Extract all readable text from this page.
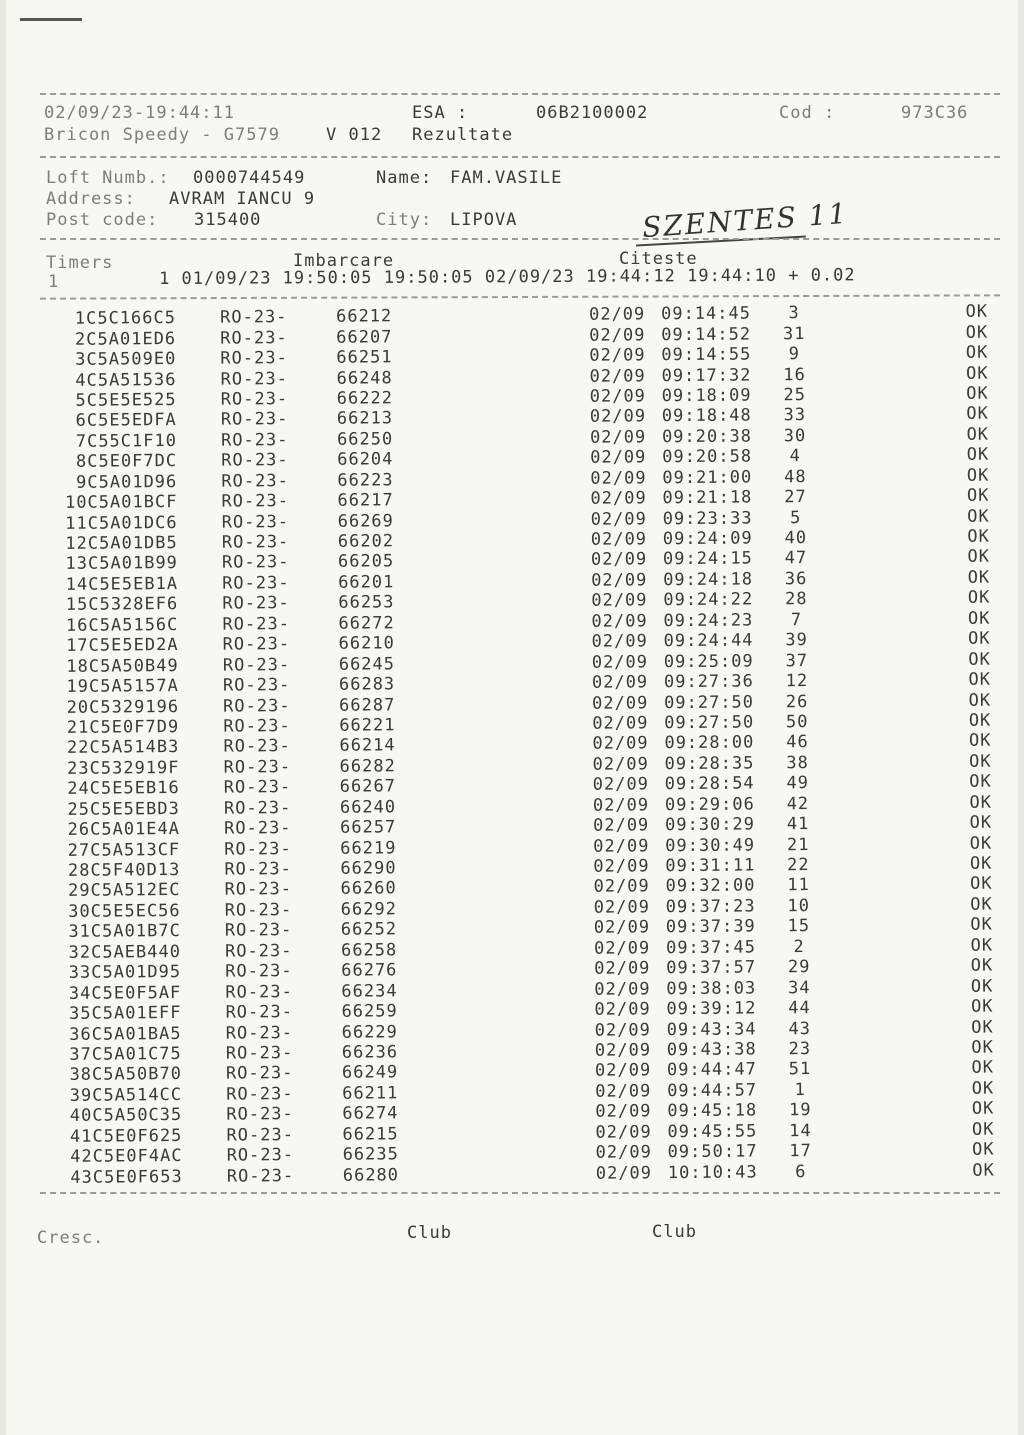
02/09/23-19:44:11	ESA :	06B2100002	Cod :	973C36
Bricon Speedy - G7579	V 012 Rezultate
Loft Numb.: 0000744549	Name: FAM.VASILE
Address: AVRAM IANCU 9
Post code: 315400	City: LIPOVA	SZENTES 11
Timers	Imbarcare	Citeste
1	1 01/09/23 19:50:05 19:50:05 02/09/23 19:44:12 19:44:10 + 0.02
1	C5C166C5	RO-23-	66212	02/09	09:14:45	3	OK
2	C5A01ED6	RO-23-	66207	02/09	09:14:52	31	OK
3	C5A509E0	RO-23-	66251	02/09	09:14:55	9	OK
4	C5A51536	RO-23-	66248	02/09	09:17:32	16	OK
5	C5E5E525	RO-23-	66222	02/09	09:18:09	25	OK
6	C5E5EDFA	RO-23-	66213	02/09	09:18:48	33	OK
7	C55C1F10	RO-23-	66250	02/09	09:20:38	30	OK
8	C5E0F7DC	RO-23-	66204	02/09	09:20:58	4	OK
9	C5A01D96	RO-23-	66223	02/09	09:21:00	48	OK
10	C5A01BCF	RO-23-	66217	02/09	09:21:18	27	OK
11	C5A01DC6	RO-23-	66269	02/09	09:23:33	5	OK
12	C5A01DB5	RO-23-	66202	02/09	09:24:09	40	OK
13	C5A01B99	RO-23-	66205	02/09	09:24:15	47	OK
14	C5E5EB1A	RO-23-	66201	02/09	09:24:18	36	OK
15	C5328EF6	RO-23-	66253	02/09	09:24:22	28	OK
16	C5A5156C	RO-23-	66272	02/09	09:24:23	7	OK
17	C5E5ED2A	RO-23-	66210	02/09	09:24:44	39	OK
18	C5A50B49	RO-23-	66245	02/09	09:25:09	37	OK
19	C5A5157A	RO-23-	66283	02/09	09:27:36	12	OK
20	C5329196	RO-23-	66287	02/09	09:27:50	26	OK
21	C5E0F7D9	RO-23-	66221	02/09	09:27:50	50	OK
22	C5A514B3	RO-23-	66214	02/09	09:28:00	46	OK
23	C532919F	RO-23-	66282	02/09	09:28:35	38	OK
24	C5E5EB16	RO-23-	66267	02/09	09:28:54	49	OK
25	C5E5EBD3	RO-23-	66240	02/09	09:29:06	42	OK
26	C5A01E4A	RO-23-	66257	02/09	09:30:29	41	OK
27	C5A513CF	RO-23-	66219	02/09	09:30:49	21	OK
28	C5F40D13	RO-23-	66290	02/09	09:31:11	22	OK
29	C5A512EC	RO-23-	66260	02/09	09:32:00	11	OK
30	C5E5EC56	RO-23-	66292	02/09	09:37:23	10	OK
31	C5A01B7C	RO-23-	66252	02/09	09:37:39	15	OK
32	C5AEB440	RO-23-	66258	02/09	09:37:45	2	OK
33	C5A01D95	RO-23-	66276	02/09	09:37:57	29	OK
34	C5E0F5AF	RO-23-	66234	02/09	09:38:03	34	OK
35	C5A01EFF	RO-23-	66259	02/09	09:39:12	44	OK
36	C5A01BA5	RO-23-	66229	02/09	09:43:34	43	OK
37	C5A01C75	RO-23-	66236	02/09	09:43:38	23	OK
38	C5A50B70	RO-23-	66249	02/09	09:44:47	51	OK
39	C5A514CC	RO-23-	66211	02/09	09:44:57	1	OK
40	C5A50C35	RO-23-	66274	02/09	09:45:18	19	OK
41	C5E0F625	RO-23-	66215	02/09	09:45:55	14	OK
42	C5E0F4AC	RO-23-	66235	02/09	09:50:17	17	OK
43	C5E0F653	RO-23-	66280	02/09	10:10:43	6	OK
Cresc.	Club	Club
